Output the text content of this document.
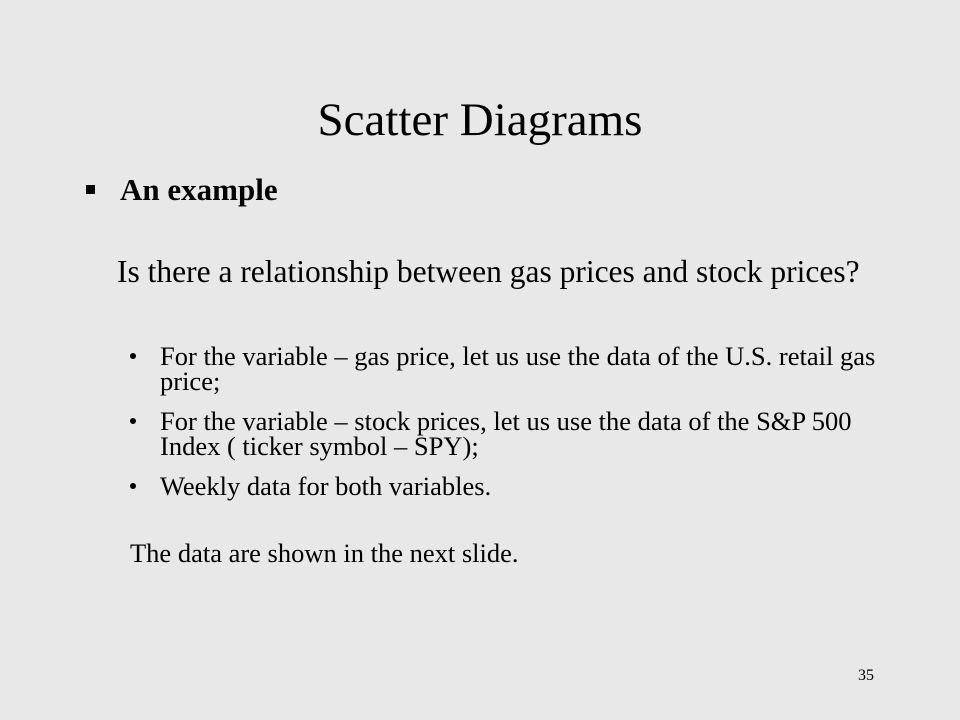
Scatter Diagrams
An example
Is there a relationship between gas prices and stock prices?
For the variable – gas price, let us use the data of the U.S. retail gas price;
For the variable – stock prices, let us use the data of the S&P 500 Index ( ticker symbol – SPY);
Weekly data for both variables.
The data are shown in the next slide.
35
